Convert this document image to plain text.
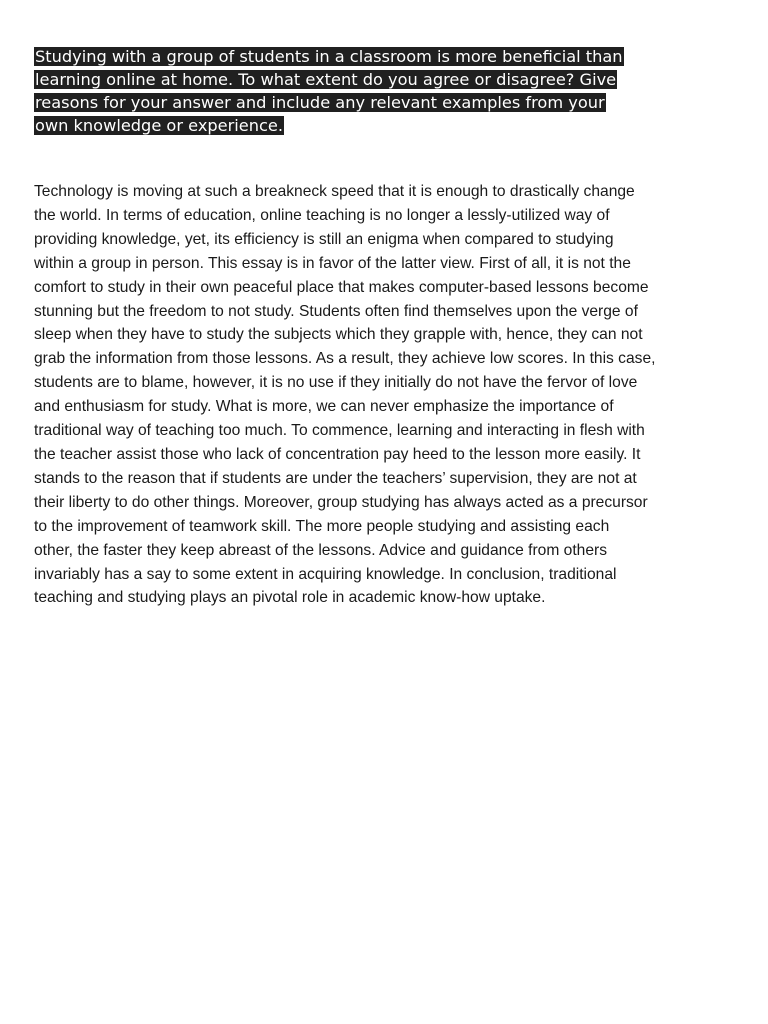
Studying with a group of students in a classroom is more beneficial than
learning online at home. To what extent do you agree or disagree? Give
reasons for your answer and include any relevant examples from your
own knowledge or experience.
Technology is moving at such a breakneck speed that it is enough to drastically change
the world. In terms of education, online teaching is no longer a lessly-utilized way of
providing knowledge, yet, its efficiency is still an enigma when compared to studying
within a group in person. This essay is in favor of the latter view. First of all, it is not the
comfort to study in their own peaceful place that makes computer-based lessons become
stunning but the freedom to not study. Students often find themselves upon the verge of
sleep when they have to study the subjects which they grapple with, hence, they can not
grab the information from those lessons. As a result, they achieve low scores. In this case,
students are to blame, however, it is no use if they initially do not have the fervor of love
and enthusiasm for study. What is more, we can never emphasize the importance of
traditional way of teaching too much. To commence, learning and interacting in flesh with
the teacher assist those who lack of concentration pay heed to the lesson more easily. It
stands to the reason that if students are under the teachers’ supervision, they are not at
their liberty to do other things. Moreover, group studying has always acted as a precursor
to the improvement of teamwork skill. The more people studying and assisting each
other, the faster they keep abreast of the lessons. Advice and guidance from others
invariably has a say to some extent in acquiring knowledge. In conclusion, traditional
teaching and studying plays an pivotal role in academic know-how uptake.
